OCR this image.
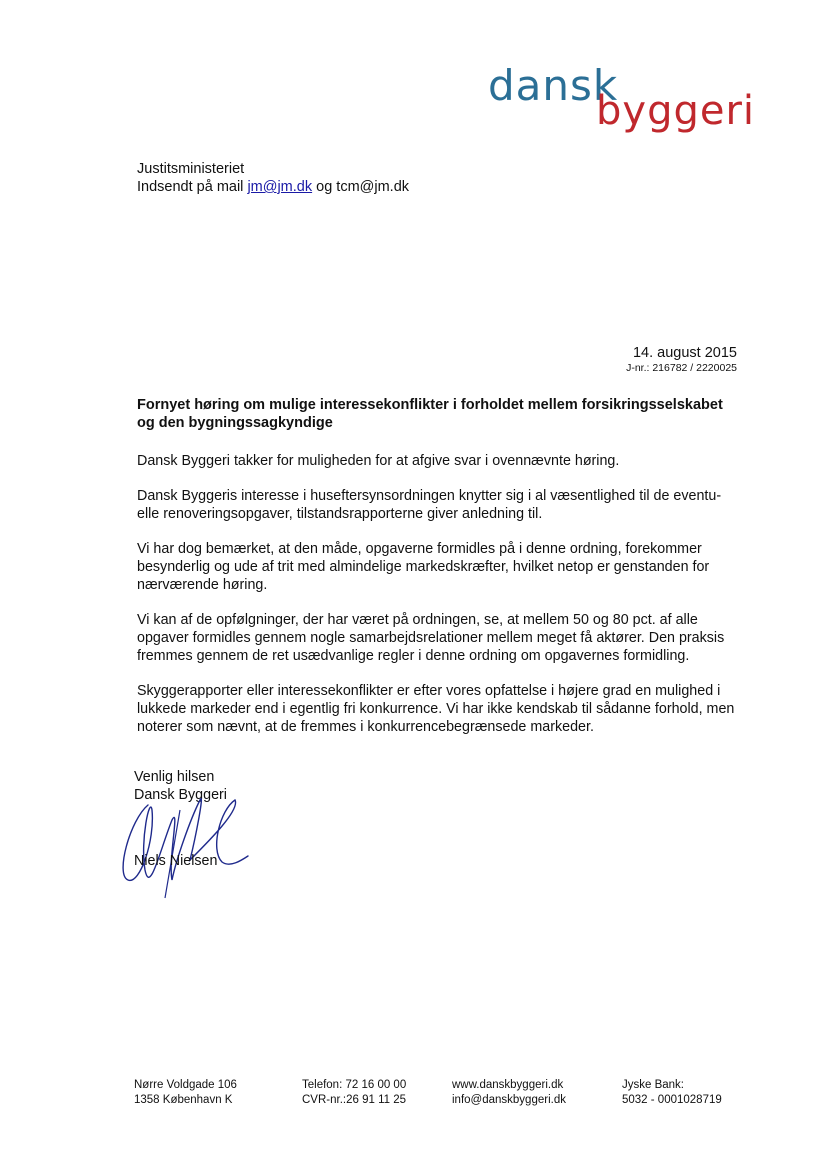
dansk
byggeri
Justitsministeriet
Indsendt på mail jm@jm.dk og tcm@jm.dk
14. august 2015
J-nr.: 216782 / 2220025
Fornyet høring om mulige interessekonflikter i forholdet mellem forsikringsselskabet og den bygningssagkyndige

Dansk Byggeri takker for muligheden for at afgive svar i ovennævnte høring.

Dansk Byggeris interesse i huseftersynsordningen knytter sig i al væsentlighed til de eventu-elle renoveringsopgaver, tilstandsrapporterne giver anledning til.

Vi har dog bemærket, at den måde, opgaverne formidles på i denne ordning, forekommer besynderlig og ude af trit med almindelige markedskræfter, hvilket netop er genstanden for nærværende høring.

Vi kan af de opfølgninger, der har været på ordningen, se, at mellem 50 og 80 pct. af alle opgaver formidles gennem nogle samarbejdsrelationer mellem meget få aktører. Den praksis fremmes gennem de ret usædvanlige regler i denne ordning om opgavernes formidling.

Skyggerapporter eller interessekonflikter er efter vores opfattelse i højere grad en mulighed i lukkede markeder end i egentlig fri konkurrence. Vi har ikke kendskab til sådanne forhold, men noterer som nævnt, at de fremmes i konkurrencebegrænsede markeder.

Venlig hilsen
Dansk Byggeri
Niels Nielsen
Nørre Voldgade 106
1358 København K
Telefon: 72 16 00 00
CVR-nr.:26 91 11 25
www.danskbyggeri.dk
info@danskbyggeri.dk
Jyske Bank:
5032 - 0001028719
